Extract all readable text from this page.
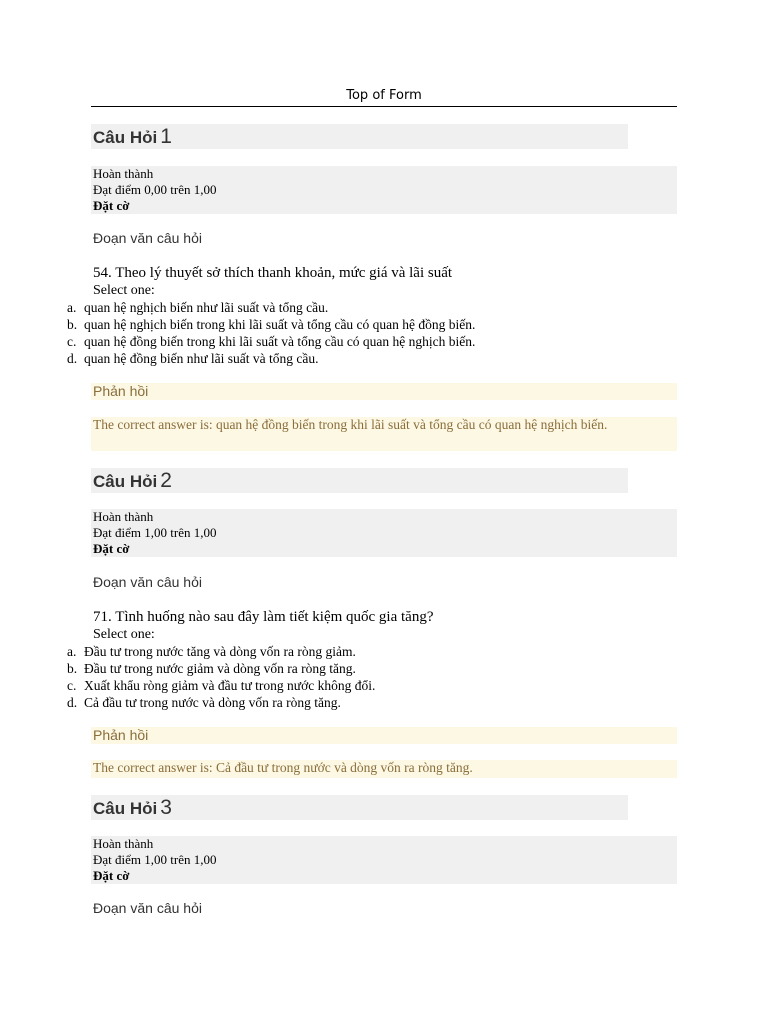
Top of Form
Câu Hỏi 1
Hoàn thành
Đạt điểm 0,00 trên 1,00
Đặt cờ
Đoạn văn câu hỏi
54. Theo lý thuyết sở thích thanh khoản, mức giá và lãi suất
Select one:
a. quan hệ nghịch biến như lãi suất và tổng cầu.
b. quan hệ nghịch biến trong khi lãi suất và tổng cầu có quan hệ đồng biến.
c. quan hệ đồng biến trong khi lãi suất và tổng cầu có quan hệ nghịch biến.
d. quan hệ đồng biến như lãi suất và tổng cầu.
Phản hồi
The correct answer is: quan hệ đồng biến trong khi lãi suất và tổng cầu có quan hệ nghịch biến.
Câu Hỏi 2
Hoàn thành
Đạt điểm 1,00 trên 1,00
Đặt cờ
Đoạn văn câu hỏi
71. Tình huống nào sau đây làm tiết kiệm quốc gia tăng?
Select one:
a. Đầu tư trong nước tăng và dòng vốn ra ròng giảm.
b. Đầu tư trong nước giảm và dòng vốn ra ròng tăng.
c. Xuất khẩu ròng giảm và đầu tư trong nước không đổi.
d. Cả đầu tư trong nước và dòng vốn ra ròng tăng.
Phản hồi
The correct answer is: Cả đầu tư trong nước và dòng vốn ra ròng tăng.
Câu Hỏi 3
Hoàn thành
Đạt điểm 1,00 trên 1,00
Đặt cờ
Đoạn văn câu hỏi
